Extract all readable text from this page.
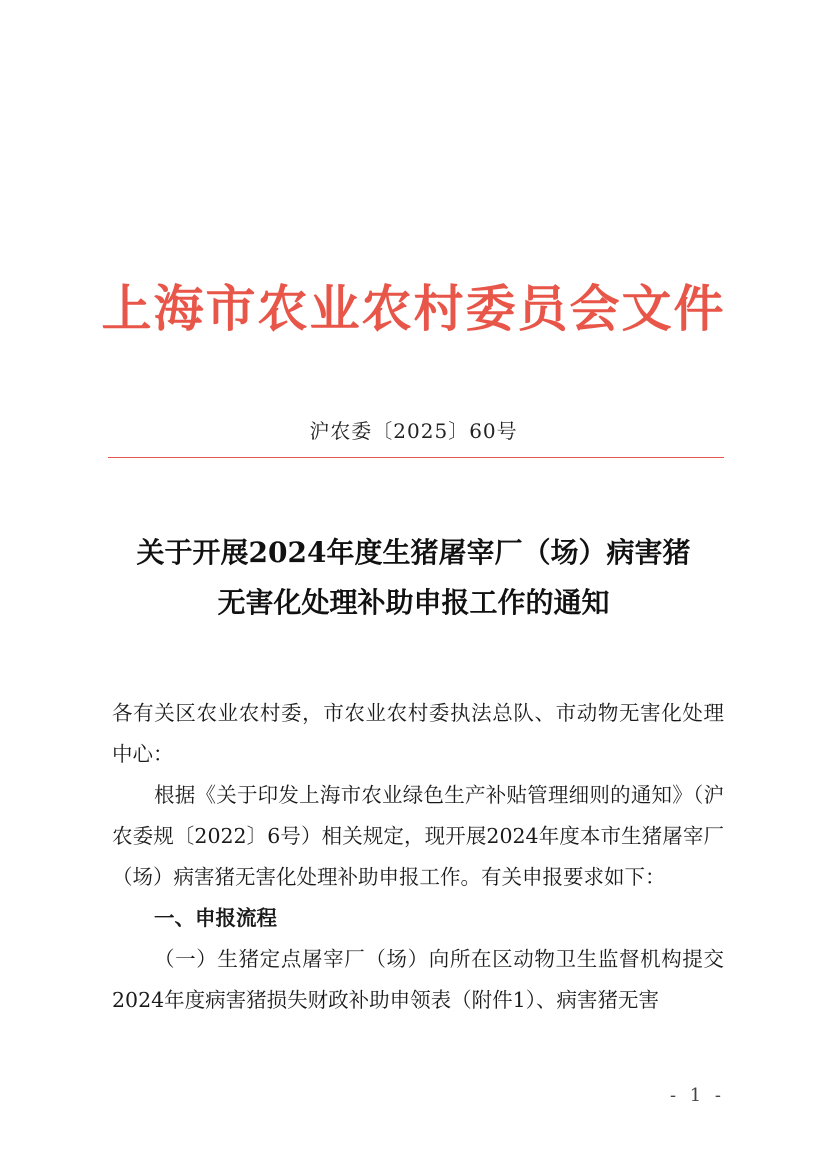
上海市农业农村委员会文件
沪农委〔2025〕60号
关于开展2024年度生猪屠宰厂（场）病害猪
无害化处理补助申报工作的通知

各有关区农业农村委，市农业农村委执法总队、市动物无害化处理中心：

根据《关于印发上海市农业绿色生产补贴管理细则的通知》（沪农委规〔2022〕6号）相关规定，现开展2024年度本市生猪屠宰厂（场）病害猪无害化处理补助申报工作。有关申报要求如下：

一、申报流程

（一）生猪定点屠宰厂（场）向所在区动物卫生监督机构提交2024年度病害猪损失财政补助申领表（附件1）、病害猪无害

- 1 -
